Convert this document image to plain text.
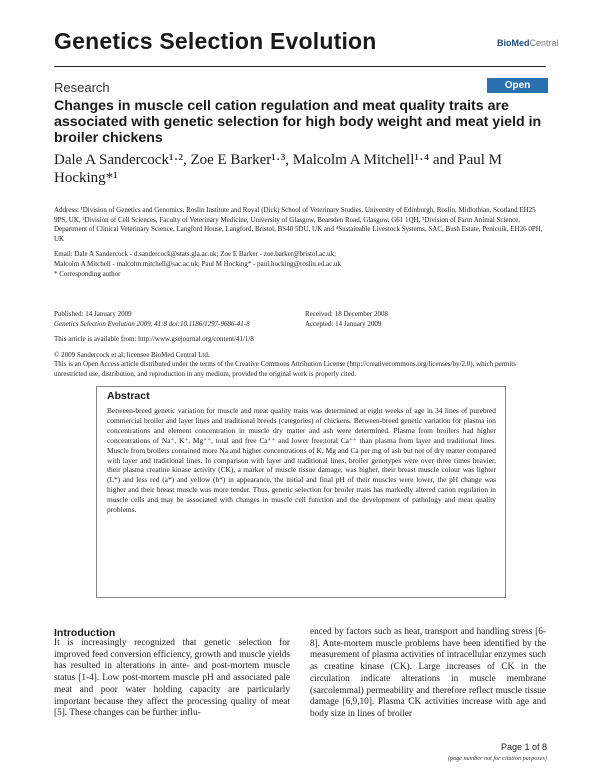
Genetics Selection Evolution	BioMedCentral
Research	Open Access
Changes in muscle cell cation regulation and meat quality traits are associated with genetic selection for high body weight and meat yield in broiler chickens
Dale A Sandercock¹·², Zoe E Barker¹·³, Malcolm A Mitchell¹·⁴ and Paul M Hocking*¹
Address: ¹Division of Genetics and Genomics, Roslin Institute and Royal (Dick) School of Veterinary Studies, University of Edinburgh, Roslin, Midlothian, Scotland EH25 9PS, UK, ²Division of Cell Sciences, Faculty of Veterinary Medicine, University of Glasgow, Bearsden Road, Glasgow, G61 1QH, ³Division of Farm Animal Science, Department of Clinical Veterinary Science, Langford House, Langford, Bristol, BS40 5DU, UK and ⁴Sustainable Livestock Systems, SAC, Bush Estate, Penicuik, EH26 0PH, UK
Email: Dale A Sandercock - d.sandercock@stats.gla.ac.uk; Zoe E Barker - zoe.barker@bristol.ac.uk;
Malcolm A Mitchell - malcolm.mitchell@sac.ac.uk; Paul M Hocking* - paul.hocking@roslin.ed.ac.uk
* Corresponding author
Published: 14 January 2009
Genetics Selection Evolution 2009, 41:8 doi:10.1186/1297-9686-41-8
Received: 18 December 2008
Accepted: 14 January 2009
This article is available from: http://www.gsejournal.org/content/41/1/8
© 2009 Sandercock et al; licensee BioMed Central Ltd.
This is an Open Access article distributed under the terms of the Creative Commons Attribution License (http://creativecommons.org/licenses/by/2.0), which permits unrestricted use, distribution, and reproduction in any medium, provided the original work is properly cited.
Abstract
Between-breed genetic variation for muscle and meat quality traits was determined at eight weeks of age in 34 lines of purebred commercial broiler and layer lines and traditional breeds (categories) of chickens. Between-breed genetic variation for plasma ion concentrations and element concentration in muscle dry matter and ash were determined. Plasma from broilers had higher concentrations of Na⁺, K⁺, Mg⁺⁺, total and free Ca⁺⁺ and lower free:total Ca⁺⁺ than plasma from layer and traditional lines. Muscle from broilers contained more Na and higher concentrations of K, Mg and Ca per mg of ash but not of dry matter compared with layer and traditional lines. In comparison with layer and traditional lines, broiler genotypes were over three times heavier, their plasma creatine kinase activity (CK), a marker of muscle tissue damage, was higher, their breast muscle colour was lighter (L*) and less red (a*) and yellow (b*) in appearance, the initial and final pH of their muscles were lower, the pH change was higher and their breast muscle was more tender. Thus, genetic selection for broiler traits has markedly altered cation regulation in muscle cells and may be associated with changes in muscle cell function and the development of pathology and meat quality problems.
Introduction
It is increasingly recognized that genetic selection for improved feed conversion efficiency, growth and muscle yields has resulted in alterations in ante- and post-mortem muscle status [1-4]. Low post-mortem muscle pH and associated pale meat and poor water holding capacity are particularly important because they affect the processing quality of meat [5]. These changes can be further influ-
enced by factors such as heat, transport and handling stress [6-8]. Ante-mortem muscle problems have been identified by the measurement of plasma activities of intracellular enzymes such as creatine kinase (CK). Large increases of CK in the circulation indicate alterations in muscle membrane (sarcolemmal) permeability and therefore reflect muscle tissue damage [6,9,10]. Plasma CK activities increase with age and body size in lines of broiler
Page 1 of 8
(page number not for citation purposes)
